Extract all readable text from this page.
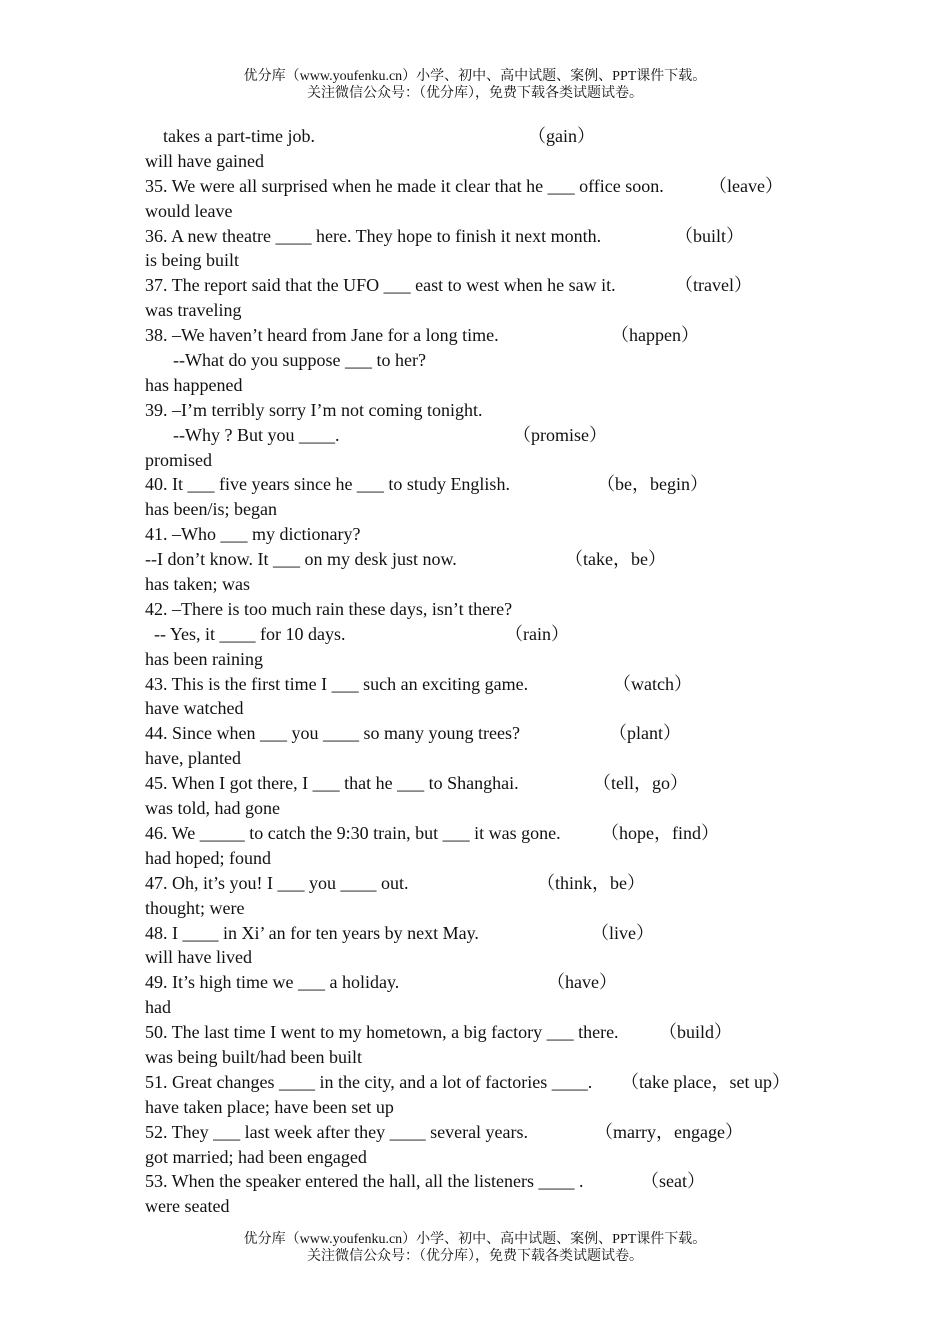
优分库（www.youfenku.cn）小学、初中、高中试题、案例、PPT课件下载。
关注微信公众号：（优分库），免费下载各类试题试卷。
takes a part-time job.	（gain）
will have gained
35. We were all surprised when he made it clear that he ___ office soon.	（leave）
would leave
36. A new theatre ____ here. They hope to finish it next month.	（built）
is being built
37. The report said that the UFO ___ east to west when he saw it.	（travel）
was traveling
38. –We haven’t heard from Jane for a long time.	（happen）
--What do you suppose ___ to her?
has happened
39. –I’m terribly sorry I’m not coming tonight.
--Why ? But you ____.	（promise）
promised
40. It ___ five years since he ___ to study English.	（be，begin）
has been/is; began
41. –Who ___ my dictionary?
--I don’t know. It ___ on my desk just now.	（take，be）
has taken; was
42. –There is too much rain these days, isn’t there?
-- Yes, it ____ for 10 days.	（rain）
has been raining
43. This is the first time I ___ such an exciting game.	（watch）
have watched
44. Since when ___ you ____ so many young trees?	（plant）
have, planted
45. When I got there, I ___ that he ___ to Shanghai.	（tell，go）
was told, had gone
46. We _____ to catch the 9:30 train, but ___ it was gone. （hope，find）
had hoped; found
47. Oh, it’s you! I ___ you ____ out.	（think，be）
thought; were
48. I ____ in Xi’ an for ten years by next May.	（live）
will have lived
49. It’s high time we ___ a holiday.	（have）
had
50. The last time I went to my hometown, a big factory ___ there. （build）
was being built/had been built
51. Great changes ____ in the city, and a lot of factories ____. （take place，set up）
have taken place; have been set up
52. They ___ last week after they ____ several years.	（marry，engage）
got married; had been engaged
53. When the speaker entered the hall, all the listeners ____ .	（seat）
were seated
优分库（www.youfenku.cn）小学、初中、高中试题、案例、PPT课件下载。
关注微信公众号：（优分库），免费下载各类试题试卷。
